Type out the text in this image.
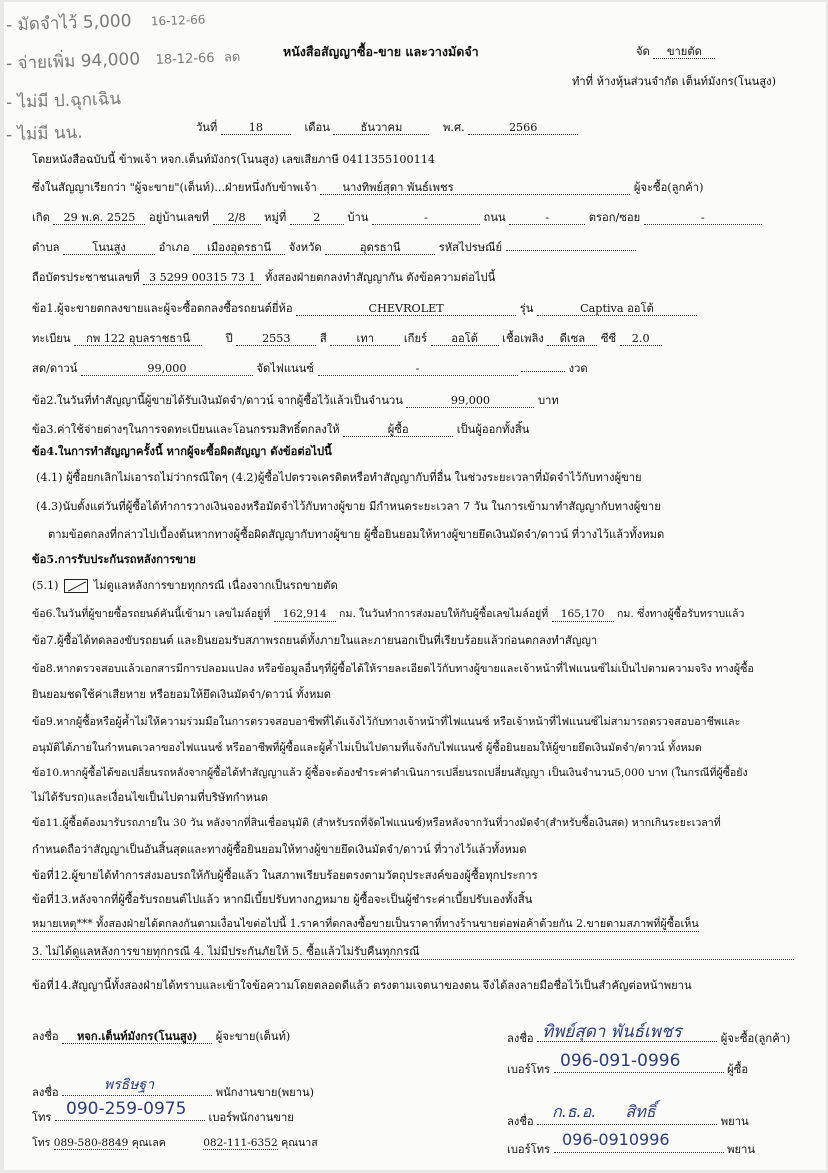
- มัดจำไว้ 5,000 16-12-66
- จ่ายเพิ่ม 94,000 18-12-66 ลด
- ไม่มี ป.ฉุกเฉิน
- ไม่มี นน.
หนังสือสัญญาซื้อ-ขาย และวางมัดจำ	จัด ขายตัด
ทำที่ ห้างหุ้นส่วนจำกัด เต็นท์มังกร(โนนสูง)
วันที่	18	เดือน	ธันวาคม	พ.ศ.	2566
โดยหนังสือฉบับนี้ ข้าพเจ้า หจก.เต็นท์มังกร(โนนสูง) เลขเสียภาษี 0411355100114
ซึ่งในสัญญาเรียกว่า "ผู้จะขาย"(เต็นท์)...ฝ่ายหนึ่งกับข้าพเจ้า นางทิพย์สุดา พันธ์เพชร	ผู้จะซื้อ(ลูกค้า)
เกิด 29 พ.ค. 2525 อยู่บ้านเลขที่ 2/8 หมู่ที่ 2 บ้าน	-	ถนน	-	ตรอก/ซอย	-
ตำบล	โนนสูง	อำเภอ เมืองอุดรธานี จังหวัด	อุดรธานี	รหัสไปรษณีย์
ถือบัตรประชาชนเลขที่ 3 5299 00315 73 1 ทั้งสองฝ่ายตกลงทำสัญญากัน ดังข้อความต่อไปนี้
ข้อ1.ผู้จะขายตกลงขายและผู้จะซื้อตกลงซื้อรถยนต์ยี่ห้อ	CHEVROLET	รุ่น	Captiva ออโต้
ทะเบียน กพ 122 อุบลราชธานี	ปี	2553	สี	เทา	เกียร์ ออโต้ เชื้อเพลิง ดีเซล ซีซี 2.0
สด/ดาวน์	99,000	จัดไฟแนนซ์	-	งวด
ข้อ2.ในวันที่ทำสัญญานี้ผู้ขายได้รับเงินมัดจำ/ดาวน์ จากผู้ซื้อไว้แล้วเป็นจำนวน	99,000	บาท
ข้อ3.ค่าใช้จ่ายต่างๆในการจดทะเบียนและโอนกรรมสิทธิ์ตกลงให้	ผู้ซื้อ	เป็นผู้ออกทั้งสิ้น
ข้อ4.ในการทำสัญญาครั้งนี้ หากผู้จะซื้อผิดสัญญา ดังข้อต่อไปนี้
(4.1) ผู้ซื้อยกเลิกไม่เอารถไม่ว่ากรณีใดๆ (4.2)ผู้ซื้อไปตรวจเครดิตหรือทำสัญญากับที่อื่น ในช่วงระยะเวลาที่มัดจำไว้กับทางผู้ขาย
(4.3)นับตั้งแต่วันที่ผู้ซื้อได้ทำการวางเงินจองหรือมัดจำไว้กับทางผู้ขาย มีกำหนดระยะเวลา 7 วัน ในการเข้ามาทำสัญญากับทางผู้ขาย
ตามข้อตกลงที่กล่าวไปเบื้องต้นหากทางผู้ซื้อผิดสัญญากับทางผู้ขาย ผู้ซื้อยินยอมให้ทางผู้ขายยึดเงินมัดจำ/ดาวน์ ที่วางไว้แล้วทั้งหมด
ข้อ5.การรับประกันรถหลังการขาย
(5.1)	ไม่ดูแลหลังการขายทุกกรณี เนื่องจากเป็นรถขายตัด
ข้อ6.ในวันที่ผู้ขายซื้อรถยนต์คันนี้เข้ามา เลขไมล์อยู่ที่ 162,914 กม. ในวันทำการส่งมอบให้กับผู้ซื้อเลขไมล์อยู่ที่ 165,170 กม. ซึ่งทางผู้ซื้อรับทราบแล้ว
ข้อ7.ผู้ซื้อได้ทดลองขับรถยนต์ และยินยอมรับสภาพรถยนต์ทั้งภายในและภายนอกเป็นที่เรียบร้อยแล้วก่อนตกลงทำสัญญา
ข้อ8.หากตรวจสอบแล้วเอกสารมีการปลอมแปลง หรือข้อมูลอื่นๆที่ผู้ซื้อได้ให้รายละเอียดไว้กับทางผู้ขายและเจ้าหน้าที่ไฟแนนซ์ไม่เป็นไปตามความจริง ทางผู้ซื้อ
ยินยอมชดใช้ค่าเสียหาย หรือยอมให้ยึดเงินมัดจำ/ดาวน์ ทั้งหมด
ข้อ9.หากผู้ซื้อหรือผู้ค้ำไม่ให้ความร่วมมือในการตรวจสอบอาชีพที่ได้แจ้งไว้กับทางเจ้าหน้าที่ไฟแนนซ์ หรือเจ้าหน้าที่ไฟแนนซ์ไม่สามารถตรวจสอบอาชีพและ
อนุมัติได้ภายในกำหนดเวลาของไฟแนนซ์ หรืออาชีพที่ผู้ซื้อและผู้ค้ำไม่เป็นไปตามที่แจ้งกับไฟแนนซ์ ผู้ซื้อยินยอมให้ผู้ขายยึดเงินมัดจำ/ดาวน์ ทั้งหมด
ข้อ10.หากผู้ซื้อได้ขอเปลี่ยนรถหลังจากผู้ซื้อได้ทำสัญญาแล้ว ผู้ซื้อจะต้องชำระค่าดำเนินการเปลี่ยนรถเปลี่ยนสัญญา เป็นเงินจำนวน5,000 บาท (ในกรณีที่ผู้ซื้อยัง
ไม่ได้รับรถ)และเงื่อนไขเป็นไปตามที่บริษัทกำหนด
ข้อ11.ผู้ซื้อต้องมารับรถภายใน 30 วัน หลังจากที่สินเชื่ออนุมัติ (สำหรับรถที่จัดไฟแนนซ์)หรือหลังจากวันที่วางมัดจำ(สำหรับซื้อเงินสด) หากเกินระยะเวลาที่
กำหนดถือว่าสัญญาเป็นอันสิ้นสุดและทางผู้ซื้อยินยอมให้ทางผู้ขายยึดเงินมัดจำ/ดาวน์ ที่วางไว้แล้วทั้งหมด
ข้อที่12.ผู้ขายได้ทำการส่งมอบรถให้กับผู้ซื้อแล้ว ในสภาพเรียบร้อยตรงตามวัตถุประสงค์ของผู้ซื้อทุกประการ
ข้อที่13.หลังจากที่ผู้ซื้อรับรถยนต์ไปแล้ว หากมีเบี้ยปรับทางกฎหมาย ผู้ซื้อจะเป็นผู้ชำระค่าเบี้ยปรับเองทั้งสิ้น
หมายเหตุ*** ทั้งสองฝ่ายได้ตกลงกันตามเงื่อนไขต่อไปนี้ 1.ราคาที่ตกลงซื้อขายเป็นราคาที่ทางร้านขายต่อพ่อค้าด้วยกัน 2.ขายตามสภาพที่ผู้ซื้อเห็น
3. ไม่ได้ดูแลหลังการขายทุกกรณี 4. ไม่มีประกันภัยให้ 5. ซื้อแล้วไม่รับคืนทุกกรณี
ข้อที่14.สัญญานี้ทั้งสองฝ่ายได้ทราบและเข้าใจข้อความโดยตลอดดีแล้ว ตรงตามเจตนาของตน จึงได้ลงลายมือชื่อไว้เป็นสำคัญต่อหน้าพยาน
ลงชื่อ หจก.เต็นท์มังกร(โนนสูง) ผู้จะขาย(เต็นท์)	ลงชื่อ	ผู้จะซื้อ(ลูกค้า)
ทิพย์สุดา พันธ์เพชร
เบอร์โทร	ผู้ซื้อ
096-091-0996
ลงชื่อ	พนักงานขาย(พยาน)
พรธิษฐา
โทร	เบอร์พนักงานขาย
090-259-0975
ลงชื่อ	พยาน
ก.ธ.อ. สิทธิ์
โทร 089-580-8849 คุณเลค	082-111-6352 คุณนาส	เบอร์โทร	พยาน
096-0910996
